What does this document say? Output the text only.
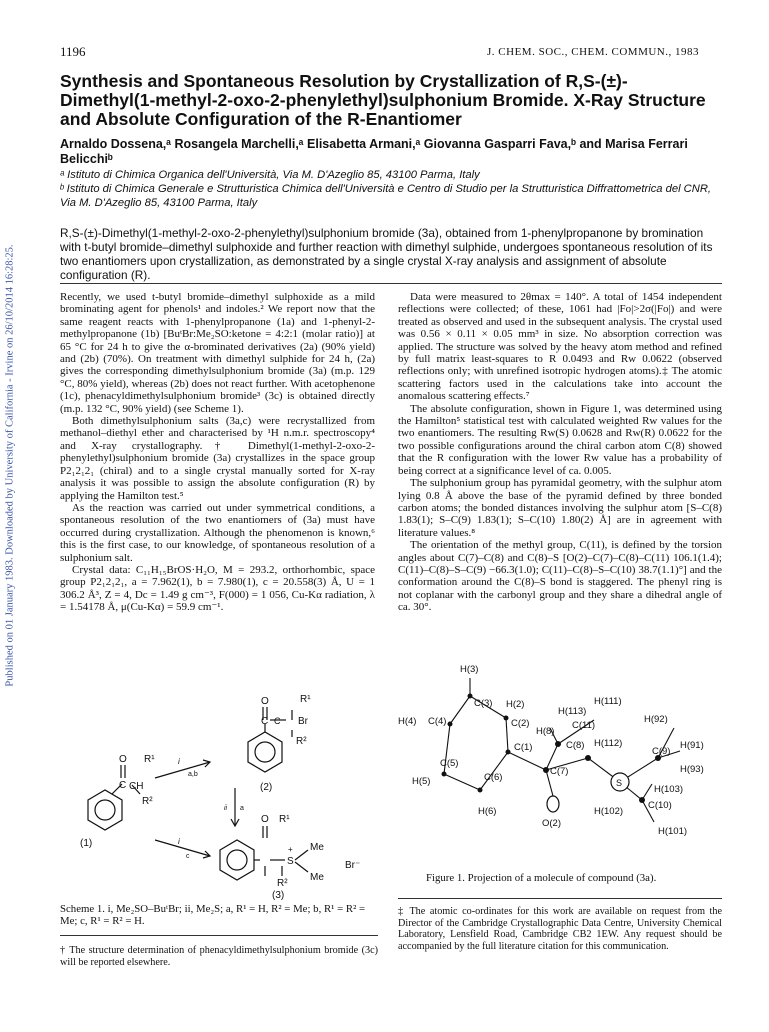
Published on 01 January 1983. Downloaded by University of California - Irvine on 26/10/2014 16:28:25.
1196	J. CHEM. SOC., CHEM. COMMUN., 1983
Synthesis and Spontaneous Resolution by Crystallization of R,S-(±)-Dimethyl(1-methyl-2-oxo-2-phenylethyl)sulphonium Bromide. X-Ray Structure and Absolute Configuration of the R-Enantiomer
Arnaldo Dossena,ᵃ Rosangela Marchelli,ᵃ Elisabetta Armani,ᵃ Giovanna Gasparri Fava,ᵇ and Marisa Ferrari Belicchiᵇ
ᵃ Istituto di Chimica Organica dell'Università, Via M. D'Azeglio 85, 43100 Parma, Italy
ᵇ Istituto di Chimica Generale e Strutturistica Chimica dell'Università e Centro di Studio per la Strutturistica Diffrattometrica del CNR, Via M. D'Azeglio 85, 43100 Parma, Italy
R,S-(±)-Dimethyl(1-methyl-2-oxo-2-phenylethyl)sulphonium bromide (3a), obtained from 1-phenylpropanone by bromination with t-butyl bromide–dimethyl sulphoxide and further reaction with dimethyl sulphide, undergoes spontaneous resolution of its two enantiomers upon crystallization, as demonstrated by a single crystal X-ray analysis and assignment of absolute configuration (R).

Recently, we used t-butyl bromide–dimethyl sulphoxide as a mild brominating agent for phenols¹ and indoles.² We report now that the same reagent reacts with 1-phenylpropanone (1a) and 1-phenyl-2-methylpropanone (1b) [BuᵗBr:Me₂SO:ketone = 4:2:1 (molar ratio)] at 65 °C for 24 h to give the α-brominated derivatives (2a) (90% yield) and (2b) (70%). On treatment with dimethyl sulphide for 24 h, (2a) gives the corresponding dimethylsulphonium bromide (3a) (m.p. 129 °C, 80% yield), whereas (2b) does not react further. With acetophenone (1c), phenacyldimethylsulphonium bromide³ (3c) is obtained directly (m.p. 132 °C, 90% yield) (see Scheme 1).

Both dimethylsulphonium salts (3a,c) were recrystallized from methanol–diethyl ether and characterised by ¹H n.m.r. spectroscopy⁴ and X-ray crystallography.† Dimethyl(1-methyl-2-oxo-2-phenylethyl)sulphonium bromide (3a) crystallizes in the space group P2₁2₁2₁ (chiral) and to a single crystal manually sorted for X-ray analysis it was possible to assign the absolute configuration (R) by applying the Hamilton test.⁵

As the reaction was carried out under symmetrical conditions, a spontaneous resolution of the two enantiomers of (3a) must have occurred during crystallization. Although the phenomenon is known,⁶ this is the first case, to our knowledge, of spontaneous resolution of a sulphonium salt.

Crystal data: C₁₁H₁₅BrOS·H₂O, M = 293.2, orthorhombic, space group P2₁2₁2₁, a = 7.962(1), b = 7.980(1), c = 20.558(3) Å, U = 1 306.2 Å³, Z = 4, Dc = 1.49 g cm⁻³, F(000) = 1 056, Cu-Kα radiation, λ = 1.54178 Å, μ(Cu-Kα) = 59.9 cm⁻¹.

Data were measured to 2θmax = 140°. A total of 1454 independent reflections were collected; of these, 1061 had |Fo|>2σ(|Fo|) and were treated as observed and used in the subsequent analysis. The crystal used was 0.56 × 0.11 × 0.05 mm³ in size. No absorption correction was applied. The structure was solved by the heavy atom method and refined by full matrix least-squares to R 0.0493 and Rw 0.0622 (observed reflections only; with unrefined isotropic hydrogen atoms).‡ The atomic scattering factors used in the calculations take into account the anomalous scattering effects.⁷

The absolute configuration, shown in Figure 1, was determined using the Hamilton⁵ statistical test with calculated weighted Rw values for the two enantiomers. The resulting Rw(S) 0.0628 and Rw(R) 0.0622 for the two possible configurations around the chiral carbon atom C(8) showed that the R configuration with the lower Rw value has a probability of being correct at a significance level of ca. 0.005.

The sulphonium group has pyramidal geometry, with the sulphur atom lying 0.8 Å above the base of the pyramid defined by three bonded carbon atoms; the bonded distances involving the sulphur atom [S–C(8) 1.83(1); S–C(9) 1.83(1); S–C(10) 1.80(2) Å] are in agreement with literature values.⁸

The orientation of the methyl group, C(11), is defined by the torsion angles about C(7)–C(8) and C(8)–S [O(2)–C(7)–C(8)–C(11) 106.1(1.4); C(11)–C(8)–S–C(9) −66.3(1.0); C(11)–C(8)–S–C(10) 38.7(1.1)°] and the conformation around the C(8)–S bond is staggered. The phenyl ring is not coplanar with the carbonyl group and they share a dihedral angle of ca. 30°.

O	R¹
C C Br
R²
(2)
O
C CH
R¹
R²
(1)
i
a,b
ii a
i
c
O R¹
Me
+
S	Br⁻
Me
R²
(3)
Scheme 1. i, Me₂SO–BuᵗBr; ii, Me₂S; a, R¹ = H, R² = Me; b, R¹ = R² = Me; c, R¹ = R² = H.
† The structure determination of phenacyldimethylsulphonium bromide (3c) will be reported elsewhere.
H(3)
C(3) H(2)
H(4) C(4)	C(2)
C(1)
C(5)
C(6)
H(5)
H(6)
O(2)
C(7)
C(8)
H(8)
C(11)
H(113)
H(111)
H(112)
H(92)
H(91)
C(9)
H(93)
S
H(103)
C(10)
H(102)
H(101)
Figure 1. Projection of a molecule of compound (3a).
‡ The atomic co-ordinates for this work are available on request from the Director of the Cambridge Crystallographic Data Centre, University Chemical Laboratory, Lensfield Road, Cambridge CB2 1EW. Any request should be accompanied by the full literature citation for this communication.
